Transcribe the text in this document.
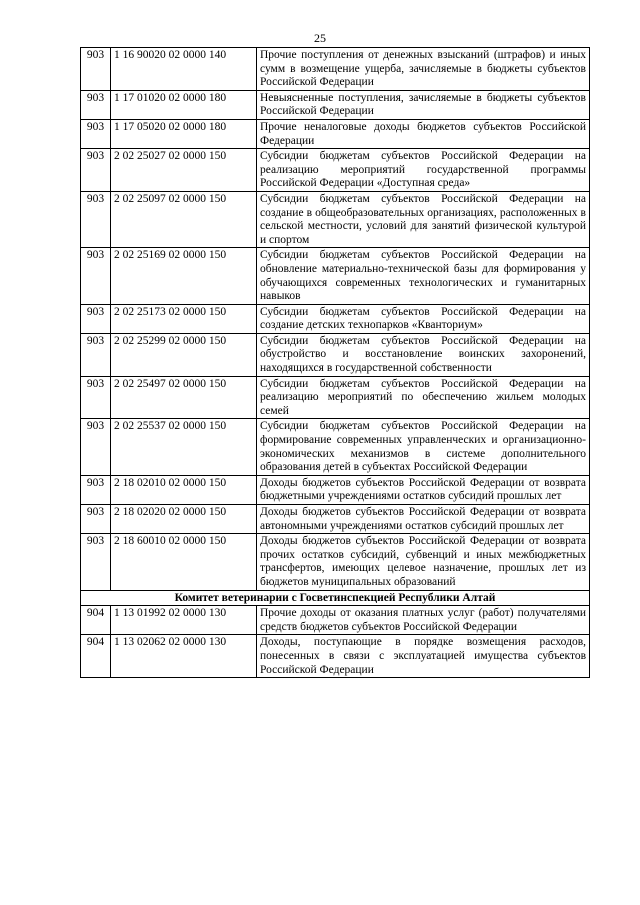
25
903	1 16 90020 02 0000 140	Прочие поступления от денежных взысканий (штрафов) и иных сумм в возмещение ущерба, зачисляемые в бюджеты субъектов Российской Федерации
903	1 17 01020 02 0000 180	Невыясненные поступления, зачисляемые в бюджеты субъектов Российской Федерации
903	1 17 05020 02 0000 180	Прочие неналоговые доходы бюджетов субъектов Российской Федерации
903	2 02 25027 02 0000 150	Субсидии бюджетам субъектов Российской Федерации на реализацию мероприятий государственной программы Российской Федерации «Доступная среда»
903	2 02 25097 02 0000 150	Субсидии бюджетам субъектов Российской Федерации на создание в общеобразовательных организациях, расположенных в сельской местности, условий для занятий физической культурой и спортом
903	2 02 25169 02 0000 150	Субсидии бюджетам субъектов Российской Федерации на обновление материально-технической базы для формирования у обучающихся современных технологических и гуманитарных навыков
903	2 02 25173 02 0000 150	Субсидии бюджетам субъектов Российской Федерации на создание детских технопарков «Кванториум»
903	2 02 25299 02 0000 150	Субсидии бюджетам субъектов Российской Федерации на обустройство и восстановление воинских захоронений, находящихся в государственной собственности
903	2 02 25497 02 0000 150	Субсидии бюджетам субъектов Российской Федерации на реализацию мероприятий по обеспечению жильем молодых семей
903	2 02 25537 02 0000 150	Субсидии бюджетам субъектов Российской Федерации на формирование современных управленческих и организационно-экономических механизмов в системе дополнительного образования детей в субъектах Российской Федерации
903	2 18 02010 02 0000 150	Доходы бюджетов субъектов Российской Федерации от возврата бюджетными учреждениями остатков субсидий прошлых лет
903	2 18 02020 02 0000 150	Доходы бюджетов субъектов Российской Федерации от возврата автономными учреждениями остатков субсидий прошлых лет
903	2 18 60010 02 0000 150	Доходы бюджетов субъектов Российской Федерации от возврата прочих остатков субсидий, субвенций и иных межбюджетных трансфертов, имеющих целевое назначение, прошлых лет из бюджетов муниципальных образований
Комитет ветеринарии с Госветинспекцией Республики Алтай		
904	1 13 01992 02 0000 130	Прочие доходы от оказания платных услуг (работ) получателями средств бюджетов субъектов Российской Федерации
904	1 13 02062 02 0000 130	Доходы, поступающие в порядке возмещения расходов, понесенных в связи с эксплуатацией имущества субъектов Российской Федерации
